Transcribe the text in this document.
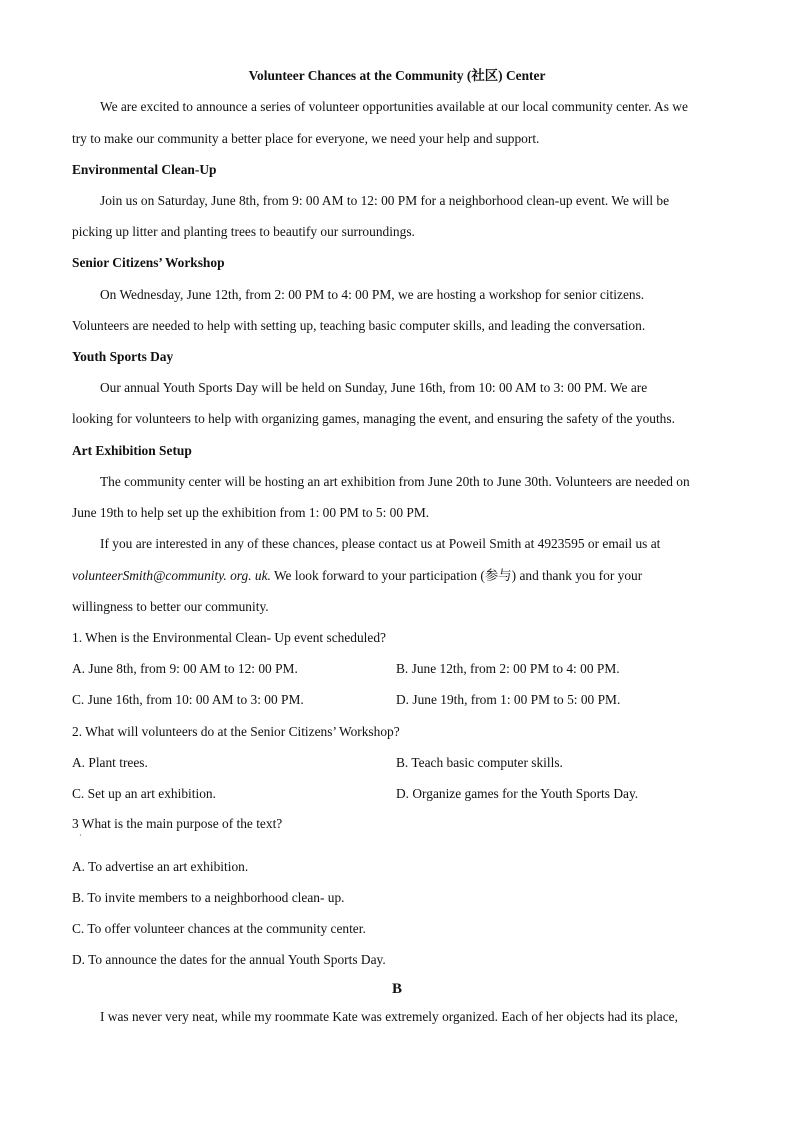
Volunteer Chances at the Community (社区) Center
We are excited to announce a series of volunteer opportunities available at our local community center. As we
try to make our community a better place for everyone, we need your help and support.
Environmental Clean-Up
Join us on Saturday, June 8th, from 9: 00 AM to 12: 00 PM for a neighborhood clean-up event. We will be
picking up litter and planting trees to beautify our surroundings.
Senior Citizens’ Workshop
On Wednesday, June 12th, from 2: 00 PM to 4: 00 PM, we are hosting a workshop for senior citizens.
Volunteers are needed to help with setting up, teaching basic computer skills, and leading the conversation.
Youth Sports Day
Our annual Youth Sports Day will be held on Sunday, June 16th, from 10: 00 AM to 3: 00 PM. We are
looking for volunteers to help with organizing games, managing the event, and ensuring the safety of the youths.
Art Exhibition Setup
The community center will be hosting an art exhibition from June 20th to June 30th. Volunteers are needed on
June 19th to help set up the exhibition from 1: 00 PM to 5: 00 PM.
If you are interested in any of these chances, please contact us at Poweil Smith at 4923595 or email us at
volunteerSmith@community. org. uk. We look forward to your participation (参与) and thank you for your
willingness to better our community.
1. When is the Environmental Clean- Up event scheduled?
A. June 8th, from 9: 00 AM to 12: 00 PM.	B. June 12th, from 2: 00 PM to 4: 00 PM.
C. June 16th, from 10: 00 AM to 3: 00 PM.	D. June 19th, from 1: 00 PM to 5: 00 PM.
2. What will volunteers do at the Senior Citizens’ Workshop?
A. Plant trees.	B. Teach basic computer skills.
C. Set up an art exhibition.	D. Organize games for the Youth Sports Day.
3 What is the main purpose of the text?
·
A. To advertise an art exhibition.
B. To invite members to a neighborhood clean- up.
C. To offer volunteer chances at the community center.
D. To announce the dates for the annual Youth Sports Day.
B
I was never very neat, while my roommate Kate was extremely organized. Each of her objects had its place,
